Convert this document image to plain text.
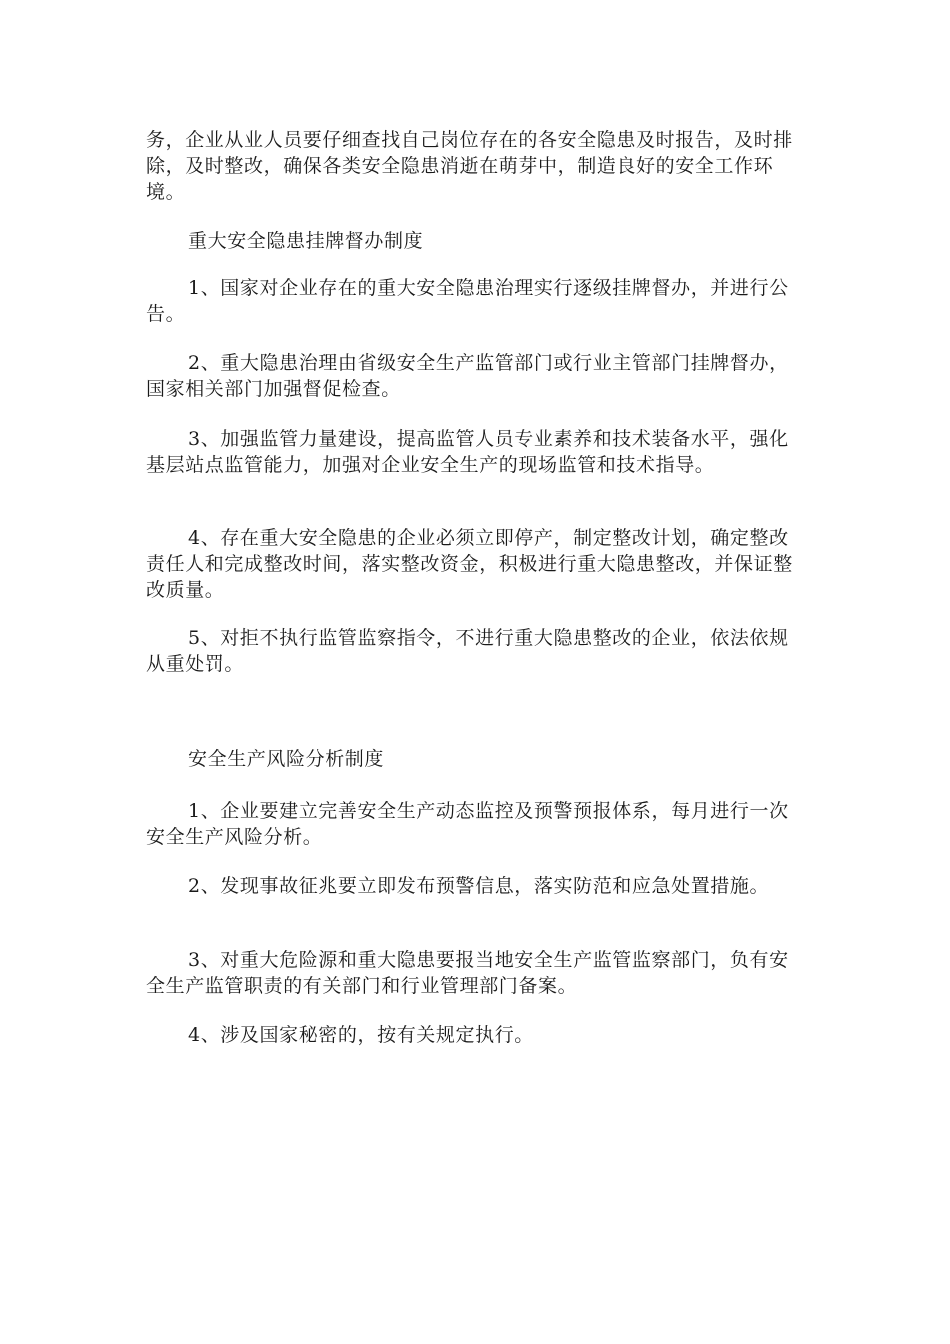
务，企业从业人员要仔细查找自己岗位存在的各安全隐患及时报告，及时排除，及时整改，确保各类安全隐患消逝在萌芽中，制造良好的安全工作环境。

重大安全隐患挂牌督办制度

1、国家对企业存在的重大安全隐患治理实行逐级挂牌督办，并进行公告。

2、重大隐患治理由省级安全生产监管部门或行业主管部门挂牌督办，国家相关部门加强督促检查。

3、加强监管力量建设，提高监管人员专业素养和技术装备水平，强化基层站点监管能力，加强对企业安全生产的现场监管和技术指导。

4、存在重大安全隐患的企业必须立即停产，制定整改计划，确定整改责任人和完成整改时间，落实整改资金，积极进行重大隐患整改，并保证整改质量。

5、对拒不执行监管监察指令，不进行重大隐患整改的企业，依法依规从重处罚。

安全生产风险分析制度

1、企业要建立完善安全生产动态监控及预警预报体系，每月进行一次安全生产风险分析。

2、发现事故征兆要立即发布预警信息，落实防范和应急处置措施。

3、对重大危险源和重大隐患要报当地安全生产监管监察部门，负有安全生产监管职责的有关部门和行业管理部门备案。

4、涉及国家秘密的，按有关规定执行。
